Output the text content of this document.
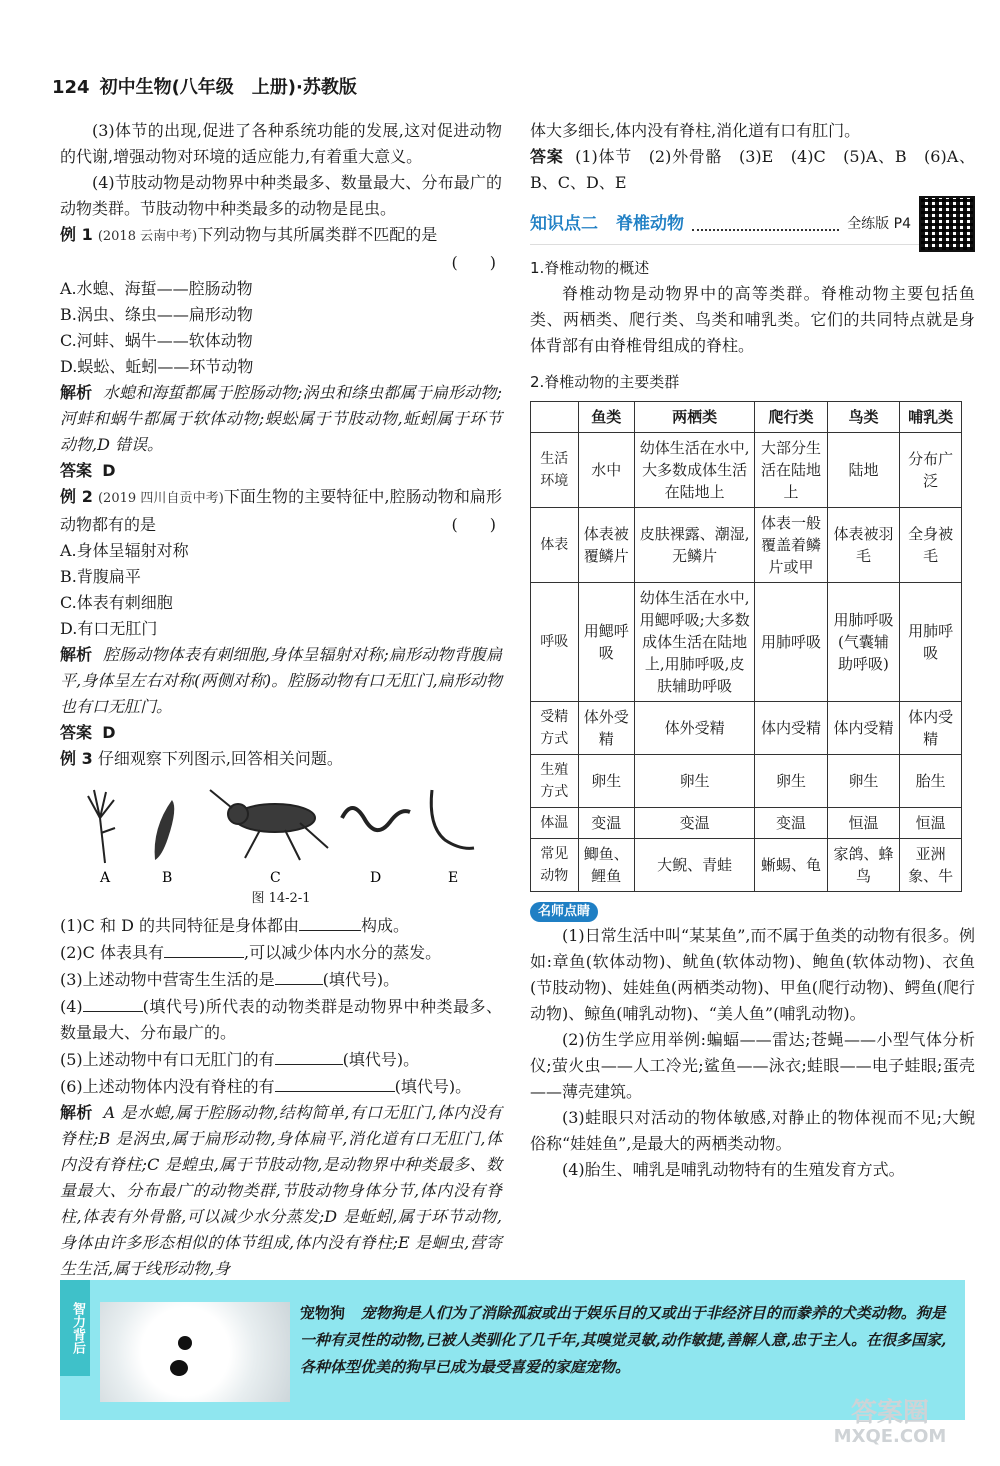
124 初中生物(八年级　上册)·苏教版

(3)体节的出现,促进了各种系统功能的发展,这对促进动物的代谢,增强动物对环境的适应能力,有着重大意义。

(4)节肢动物是动物界中种类最多、数量最大、分布最广的动物类群。节肢动物中种类最多的动物是昆虫。

例 1 (2018 云南中考)下列动物与其所属类群不匹配的是

(　　)

A.水螅、海蜇——腔肠动物

B.涡虫、绦虫——扁形动物

C.河蚌、蜗牛——软体动物

D.蜈蚣、蚯蚓——环节动物

解析 水螅和海蜇都属于腔肠动物;涡虫和绦虫都属于扁形动物;河蚌和蜗牛都属于软体动物;蜈蚣属于节肢动物,蚯蚓属于环节动物,D 错误。

答案 D

例 2 (2019 四川自贡中考)下面生物的主要特征中,腔肠动物和扁形动物都有的是	(　　)

A.身体呈辐射对称

B.背腹扁平

C.体表有刺细胞

D.有口无肛门

解析 腔肠动物体表有刺细胞,身体呈辐射对称;扁形动物背腹扁平,身体呈左右对称(两侧对称)。腔肠动物有口无肛门,扁形动物也有口无肛门。

答案 D

例 3 仔细观察下列图示,回答相关问题。

A	B	C	D	E

图 14-2-1

(1)C 和 D 的共同特征是身体都由	构成。

(2)C 体表具有	,可以减少体内水分的蒸发。

(3)上述动物中营寄生生活的是	(填代号)。

(4)	(填代号)所代表的动物类群是动物界中种类最多、数量最大、分布最广的。

(5)上述动物中有口无肛门的有	(填代号)。

(6)上述动物体内没有脊柱的有	(填代号)。

解析 A 是水螅,属于腔肠动物,结构简单,有口无肛门,体内没有脊柱;B 是涡虫,属于扁形动物,身体扁平,消化道有口无肛门,体内没有脊柱;C 是蝗虫,属于节肢动物,是动物界中种类最多、数量最大、分布最广的动物类群,节肢动物身体分节,体内没有脊柱,体表有外骨骼,可以减少水分蒸发;D 是蚯蚓,属于环节动物,身体由许多形态相似的体节组成,体内没有脊柱;E 是蛔虫,营寄生生活,属于线形动物,身

体大多细长,体内没有脊柱,消化道有口有肛门。

答案 (1)体节　(2)外骨骼　(3)E　(4)C　(5)A、B　(6)A、B、C、D、E

知识点二 脊椎动物	全练版 P4

1.脊椎动物的概述

脊椎动物是动物界中的高等类群。脊椎动物主要包括鱼类、两栖类、爬行类、鸟类和哺乳类。它们的共同特点就是身体背部有由脊椎骨组成的脊柱。

2.脊椎动物的主要类群

	鱼类	两栖类	爬行类	鸟类	哺乳类
生活环境	水中	幼体生活在水中,大多数成体生活在陆地上	大部分生活在陆地上	陆地	分布广泛
体表	体表被覆鳞片	皮肤裸露、潮湿,无鳞片	体表一般覆盖着鳞片或甲	体表被羽毛	全身被毛
呼吸	用鳃呼吸	幼体生活在水中,用鳃呼吸;大多数成体生活在陆地上,用肺呼吸,皮肤辅助呼吸	用肺呼吸	用肺呼吸(气囊辅助呼吸)	用肺呼吸
受精方式	体外受精	体外受精	体内受精	体内受精	体内受精
生殖方式	卵生	卵生	卵生	卵生	胎生
体温	变温	变温	变温	恒温	恒温
常见动物	鲫鱼、鲤鱼	大鲵、青蛙	蜥蜴、龟	家鸽、蜂鸟	亚洲象、牛
名师点睛

(1)日常生活中叫“某某鱼”,而不属于鱼类的动物有很多。例如:章鱼(软体动物)、鱿鱼(软体动物)、鲍鱼(软体动物)、衣鱼(节肢动物)、娃娃鱼(两栖类动物)、甲鱼(爬行动物)、鳄鱼(爬行动物)、鲸鱼(哺乳动物)、“美人鱼”(哺乳动物)。

(2)仿生学应用举例:蝙蝠——雷达;苍蝇——小型气体分析仪;萤火虫——人工冷光;鲨鱼——泳衣;蛙眼——电子蛙眼;蛋壳——薄壳建筑。

(3)蛙眼只对活动的物体敏感,对静止的物体视而不见;大鲵俗称“娃娃鱼”,是最大的两栖类动物。

(4)胎生、哺乳是哺乳动物特有的生殖发育方式。

智力背后	宠物狗 宠物狗是人们为了消除孤寂或出于娱乐目的又或出于非经济目的而豢养的犬类动物。狗是一种有灵性的动物,已被人类驯化了几千年,其嗅觉灵敏,动作敏捷,善解人意,忠于主人。在很多国家,各种体型优美的狗早已成为最受喜爱的家庭宠物。
答案圈
MXQE.COM
